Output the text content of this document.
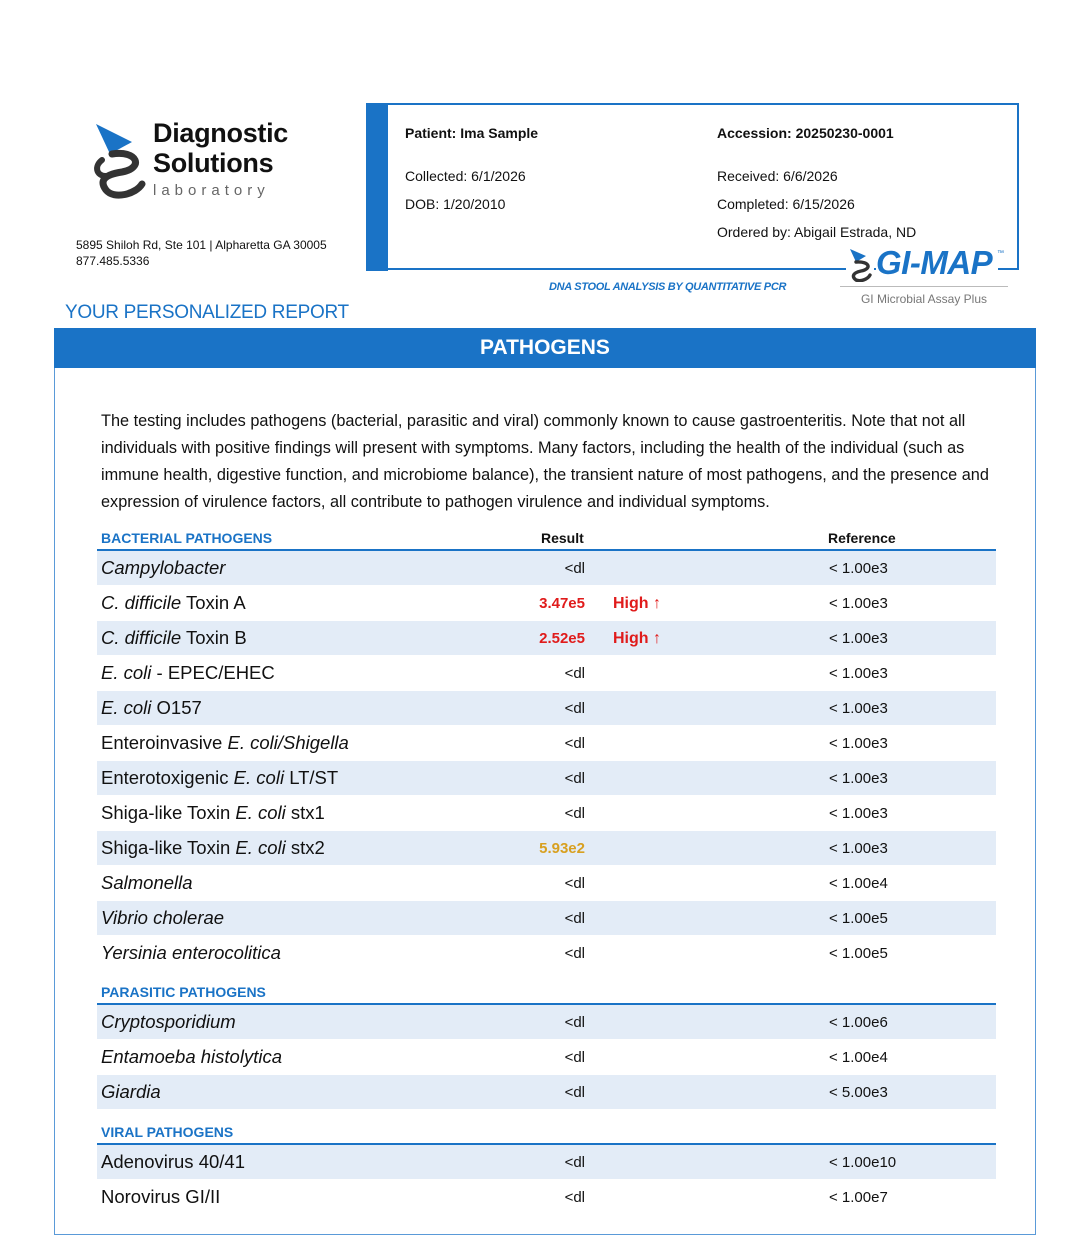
Diagnostic
Solutions
laboratory
5895 Shiloh Rd, Ste 101 | Alpharetta GA 30005
877.485.5336
Patient: Ima Sample	Accession: 20250230-0001
Collected: 6/1/2026	Received: 6/6/2026
DOB: 1/20/2010	Completed: 6/15/2026
Ordered by: Abigail Estrada, ND
GI-MAP ™
GI Microbial Assay Plus
DNA STOOL ANALYSIS BY QUANTITATIVE PCR
YOUR PERSONALIZED REPORT
PATHOGENS
The testing includes pathogens (bacterial, parasitic and viral) commonly known to cause gastroenteritis. Note that not all individuals with positive findings will present with symptoms. Many factors, including the health of the individual (such as immune health, digestive function, and microbiome balance), the transient nature of most pathogens, and the presence and expression of virulence factors, all contribute to pathogen virulence and individual symptoms.
BACTERIAL PATHOGENS	Result	Reference
Campylobacter	<dl	< 1.00e3
C. difficile Toxin A	3.47e5 High ↑	< 1.00e3
C. difficile Toxin B	2.52e5 High ↑	< 1.00e3
E. coli - EPEC/EHEC	<dl	< 1.00e3
E. coli O157	<dl	< 1.00e3
Enteroinvasive E. coli/Shigella	<dl	< 1.00e3
Enterotoxigenic E. coli LT/ST	<dl	< 1.00e3
Shiga-like Toxin E. coli stx1	<dl	< 1.00e3
Shiga-like Toxin E. coli stx2	5.93e2	< 1.00e3
Salmonella	<dl	< 1.00e4
Vibrio cholerae	<dl	< 1.00e5
Yersinia enterocolitica	<dl	< 1.00e5
PARASITIC PATHOGENS
Cryptosporidium	<dl	< 1.00e6
Entamoeba histolytica	<dl	< 1.00e4
Giardia	<dl	< 5.00e3
VIRAL PATHOGENS
Adenovirus 40/41	<dl	< 1.00e10
Norovirus GI/II	<dl	< 1.00e7
